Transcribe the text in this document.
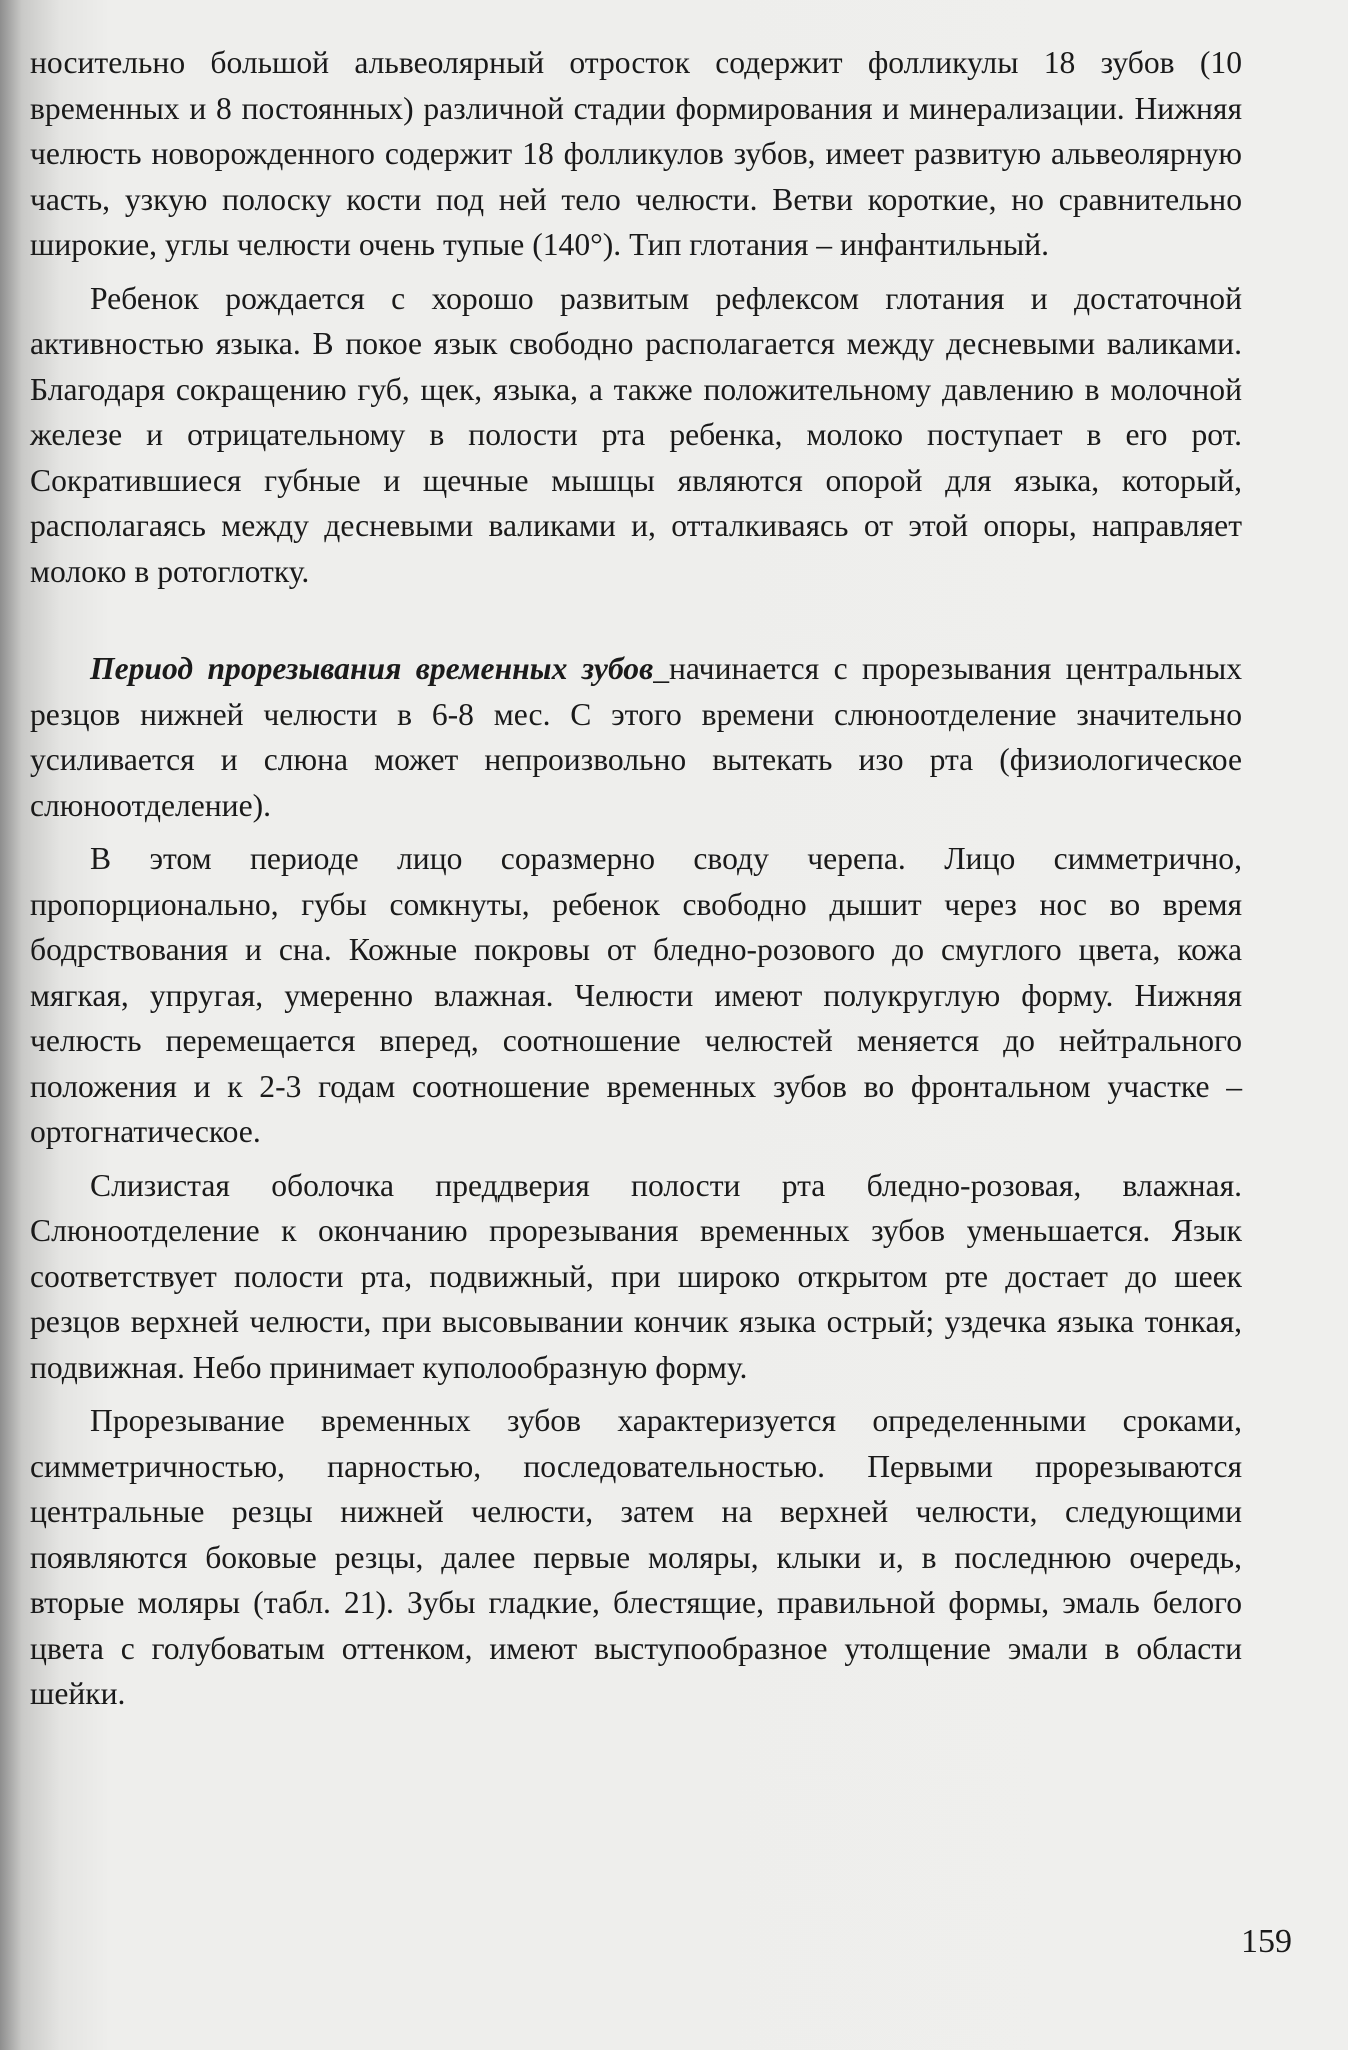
носительно большой альвеолярный отросток содержит фолликулы 18 зубов (10 временных и 8 постоянных) различной стадии формирования и минерализации. Нижняя челюсть новорожденного содержит 18 фолликулов зубов, имеет развитую альвеолярную часть, узкую полоску кости под ней тело челюсти. Ветви короткие, но сравнительно широкие, углы челюсти очень тупые (140°). Тип глотания – инфантильный.

Ребенок рождается с хорошо развитым рефлексом глотания и достаточной активностью языка. В покое язык свободно располагается между десневыми валиками. Благодаря сокращению губ, щек, языка, а также положительному давлению в молочной железе и отрицательному в полости рта ребенка, молоко поступает в его рот. Сократившиеся губные и щечные мышцы являются опорой для языка, который, располагаясь между десневыми валиками и, отталкиваясь от этой опоры, направляет молоко в ротоглотку.

Период прорезывания временных зубов_начинается с прорезывания центральных резцов нижней челюсти в 6-8 мес. С этого времени слюноотделение значительно усиливается и слюна может непроизвольно вытекать изо рта (физиологическое слюноотделение).

В этом периоде лицо соразмерно своду черепа. Лицо симметрично, пропорционально, губы сомкнуты, ребенок свободно дышит через нос во время бодрствования и сна. Кожные покровы от бледно-розового до смуглого цвета, кожа мягкая, упругая, умеренно влажная. Челюсти имеют полукруглую форму. Нижняя челюсть перемещается вперед, соотношение челюстей меняется до нейтрального положения и к 2-3 годам соотношение временных зубов во фронтальном участке – ортогнатическое.

Слизистая оболочка преддверия полости рта бледно-розовая, влажная. Слюноотделение к окончанию прорезывания временных зубов уменьшается. Язык соответствует полости рта, подвижный, при широко открытом рте достает до шеек резцов верхней челюсти, при высовывании кончик языка острый; уздечка языка тонкая, подвижная. Небо принимает куполообразную форму.

Прорезывание временных зубов характеризуется определенными сроками, симметричностью, парностью, последовательностью. Первыми прорезываются центральные резцы нижней челюсти, затем на верхней челюсти, следующими появляются боковые резцы, далее первые моляры, клыки и, в последнюю очередь, вторые моляры (табл. 21). Зубы гладкие, блестящие, правильной формы, эмаль белого цвета с голубоватым оттенком, имеют выступообразное утолщение эмали в области шейки.

159
